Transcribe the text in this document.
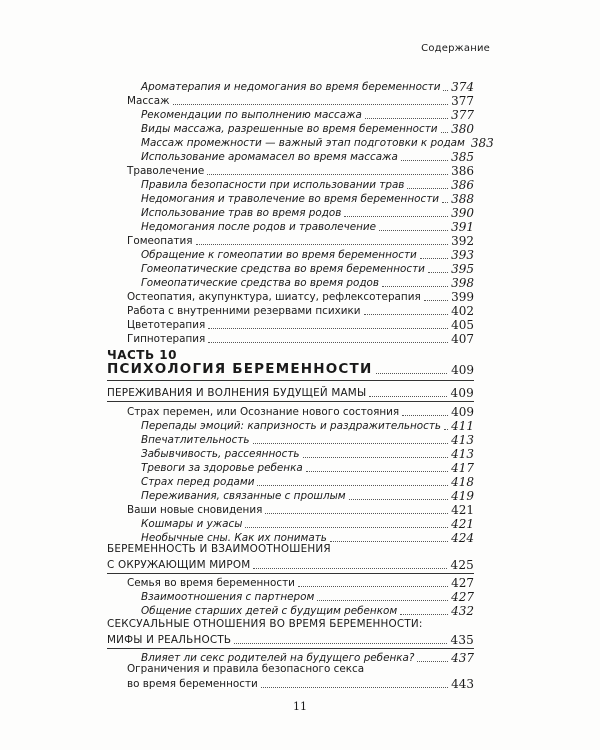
Содержание
Ароматерапия и недомогания во время беременности 374
Массаж	377
Рекомендации по выполнению массажа	377
Виды массажа, разрешенные во время беременности 380
Массаж промежности — важный этап подготовки к родам 383
Использование аромамасел во время массажа	385
Траволечение	386
Правила безопасности при использовании трав	386
Недомогания и траволечение во время беременности 388
Использование трав во время родов	390
Недомогания после родов и траволечение	391
Гомеопатия	392
Обращение к гомеопатии во время беременности	393
Гомеопатические средства во время беременности 395
Гомеопатические средства во время родов	398
Остеопатия, акупунктура, шиатсу, рефлексотерапия	399
Работа с внутренними резервами психики	402
Цветотерапия	405
Гипнотерапия	407
ЧАСТЬ 10
ПСИХОЛОГИЯ БЕРЕМЕННОСТИ	409
ПЕРЕЖИВАНИЯ И ВОЛНЕНИЯ БУДУЩЕЙ МАМЫ	409
Страх перемен, или Осознание нового состояния	409
Перепады эмоций: капризность и раздражительность 411
Впечатлительность	413
Забывчивость, рассеянность	413
Тревоги за здоровье ребенка	417
Страх перед родами	418
Переживания, связанные с прошлым	419
Ваши новые сновидения	421
Кошмары и ужасы	421
Необычные сны. Как их понимать	424
БЕРЕМЕННОСТЬ И ВЗАИМООТНОШЕНИЯ
С ОКРУЖАЮЩИМ МИРОМ	425
Семья во время беременности	427
Взаимоотношения с партнером	427
Общение старших детей с будущим ребенком	432
СЕКСУАЛЬНЫЕ ОТНОШЕНИЯ ВО ВРЕМЯ БЕРЕМЕННОСТИ:
МИФЫ И РЕАЛЬНОСТЬ	435
Влияет ли секс родителей на будущего ребенка?	437
Ограничения и правила безопасного секса
во время беременности	443
11
